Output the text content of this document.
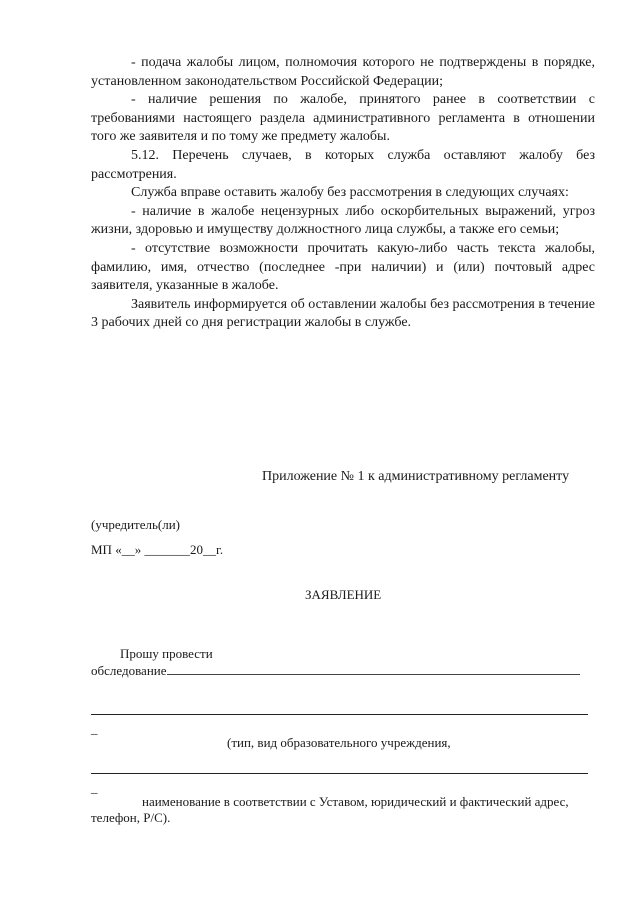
- подача жалобы лицом, полномочия которого не подтверждены в порядке, установленном законодательством Российской Федерации;

- наличие решения по жалобе, принятого ранее в соответствии с требованиями настоящего раздела административного регламента в отношении того же заявителя и по тому же предмету жалобы.

5.12. Перечень случаев, в которых служба оставляют жалобу без рассмотрения.

Служба вправе оставить жалобу без рассмотрения в следующих случаях:

- наличие в жалобе нецензурных либо оскорбительных выражений, угроз жизни, здоровью и имуществу должностного лица службы, а также его семьи;

- отсутствие возможности прочитать какую-либо часть текста жалобы, фамилию, имя, отчество (последнее -при наличии) и (или) почтовый адрес заявителя, указанные в жалобе.

Заявитель информируется об оставлении жалобы без рассмотрения в течение 3 рабочих дней со дня регистрации жалобы в службе.

Приложение № 1 к административному регламенту
(учредитель(ли)
МП «__» _______20__г.
ЗАЯВЛЕНИЕ
Прошу провести
обследование
_
(тип, вид образовательного учреждения,
_
наименование в соответствии с Уставом, юридический и фактический адрес,
телефон, Р/С).
